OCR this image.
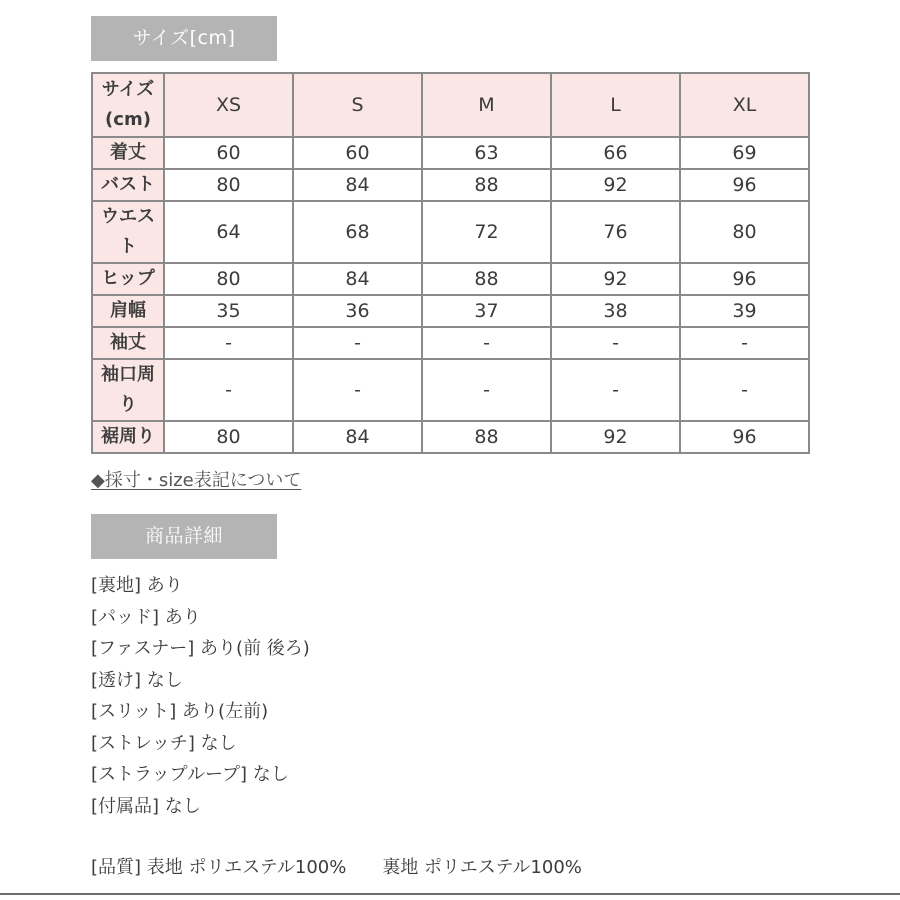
サイズ[cm]
サイズ
(cm)	XS	S	M	L	XL
着丈	60	60	63	66	69
バスト	80	84	88	92	96
ウエス
ト	64	68	72	76	80
ヒップ	80	84	88	92	96
肩幅	35	36	37	38	39
袖丈	-	-	-	-	-
袖口周
り	-	-	-	-	-
裾周り	80	84	88	92	96
◆採寸・size表記について
商品詳細
[裏地] あり
[パッド] あり
[ファスナー] あり(前 後ろ)
[透け] なし
[スリット] あり(左前)
[ストレッチ] なし
[ストラップループ] なし
[付属品] なし
[品質] 表地 ポリエステル100%　　裏地 ポリエステル100%
